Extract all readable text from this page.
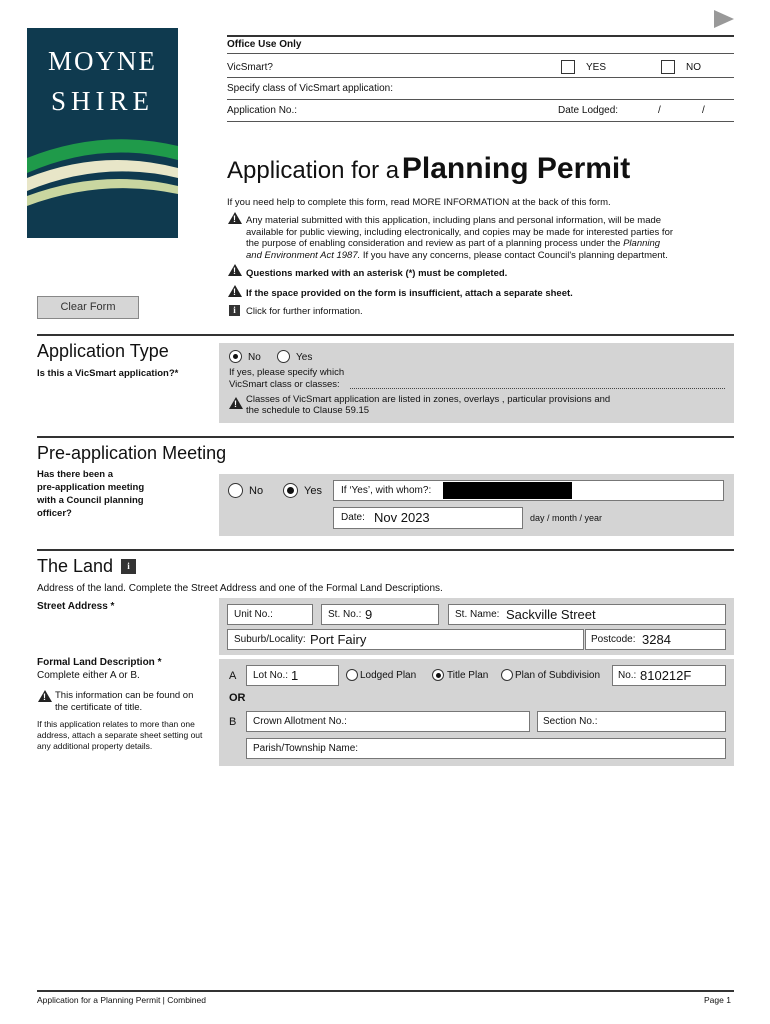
MOYNE
SHIRE
Office Use Only
VicSmart?	YES	NO
Specify class of VicSmart application:
Application No.:	Date Lodged:	/	/
Application for a Planning Permit
If you need help to complete this form, read MORE INFORMATION at the back of this form.
!
Any material submitted with this application, including plans and personal information, will be made
available for public viewing, including electronically, and copies may be made for interested parties for
the purpose of enabling consideration and review as part of a planning process under the Planning
and Environment Act 1987. If you have any concerns, please contact Council's planning department.
!
Questions marked with an asterisk (*) must be completed.
!
If the space provided on the form is insufficient, attach a separate sheet.
i	Click for further information.
Clear Form
Application Type
Is this a VicSmart application?*
No	Yes
If yes, please specify which
VicSmart class or classes:
!
Classes of VicSmart application are listed in zones, overlays , particular provisions and
the schedule to Clause 59.15
Pre-application Meeting
Has there been a
pre-application meeting
with a Council planning
officer?
No	Yes If ‘Yes’, with whom?:
Date: Nov 2023	day / month / year
The Land	i
Address of the land. Complete the Street Address and one of the Formal Land Descriptions.
Street Address *
Unit No.:	St. No.: 9	St. Name: Sackville Street
Suburb/Locality: Port Fairy	Postcode: 3284
Formal Land Description *
Complete either A or B.
!
This information can be found on
the certificate of title.
If this application relates to more than one
address, attach a separate sheet setting out
any additional property details.
A Lot No.: 1	Lodged Plan	Title Plan	Plan of Subdivision No.: 810212F
OR
B Crown Allotment No.:	Section No.:
Parish/Township Name:
Application for a Planning Permit | Combined	Page 1
